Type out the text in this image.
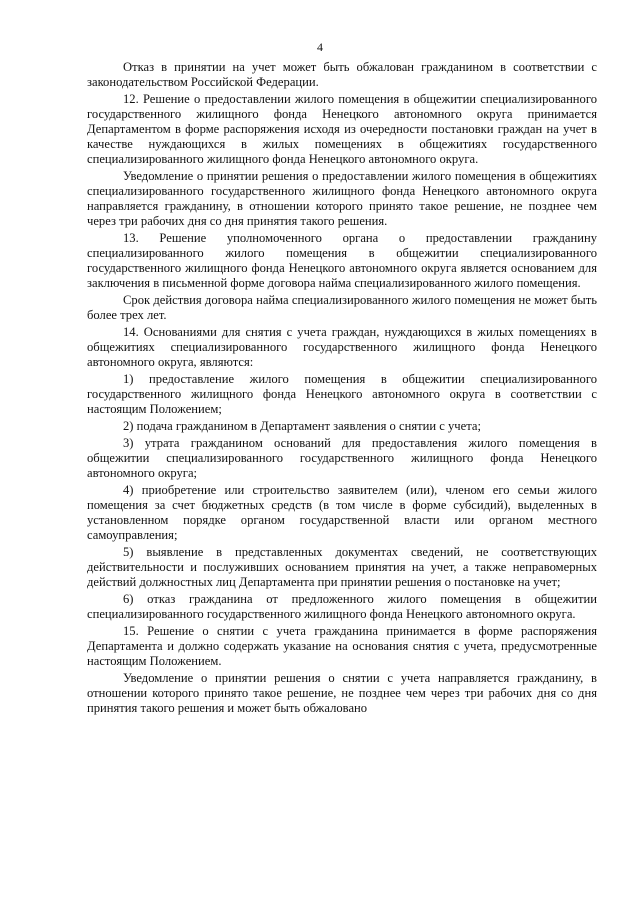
4

Отказ в принятии на учет может быть обжалован гражданином в соответствии с законодательством Российской Федерации.

12. Решение о предоставлении жилого помещения в общежитии специализированного государственного жилищного фонда Ненецкого автономного округа принимается Департаментом в форме распоряжения исходя из очередности постановки граждан на учет в качестве нуждающихся в жилых помещениях в общежитиях государственного специализированного жилищного фонда Ненецкого автономного округа.

Уведомление о принятии решения о предоставлении жилого помещения в общежитиях специализированного государственного жилищного фонда Ненецкого автономного округа направляется гражданину, в отношении которого принято такое решение, не позднее чем через три рабочих дня со дня принятия такого решения.

13. Решение уполномоченного органа о предоставлении гражданину специализированного жилого помещения в общежитии специализированного государственного жилищного фонда Ненецкого автономного округа является основанием для заключения в письменной форме договора найма специализированного жилого помещения.

Срок действия договора найма специализированного жилого помещения не может быть более трех лет.

14. Основаниями для снятия с учета граждан, нуждающихся в жилых помещениях в общежитиях специализированного государственного жилищного фонда Ненецкого автономного округа, являются:

1) предоставление жилого помещения в общежитии специализированного государственного жилищного фонда Ненецкого автономного округа в соответствии с настоящим Положением;

2) подача гражданином в Департамент заявления о снятии с учета;

3) утрата гражданином оснований для предоставления жилого помещения в общежитии специализированного государственного жилищного фонда Ненецкого автономного округа;

4) приобретение или строительство заявителем (или), членом его семьи жилого помещения за счет бюджетных средств (в том числе в форме субсидий), выделенных в установленном порядке органом государственной власти или органом местного самоуправления;

5) выявление в представленных документах сведений, не соответствующих действительности и послуживших основанием принятия на учет, а также неправомерных действий должностных лиц Департамента при принятии решения о постановке на учет;

6) отказ гражданина от предложенного жилого помещения в общежитии специализированного государственного жилищного фонда Ненецкого автономного округа.

15. Решение о снятии с учета гражданина принимается в форме распоряжения Департамента и должно содержать указание на основания снятия с учета, предусмотренные настоящим Положением.

Уведомление о принятии решения о снятии с учета направляется гражданину, в отношении которого принято такое решение, не позднее чем через три рабочих дня со дня принятия такого решения и может быть обжаловано
